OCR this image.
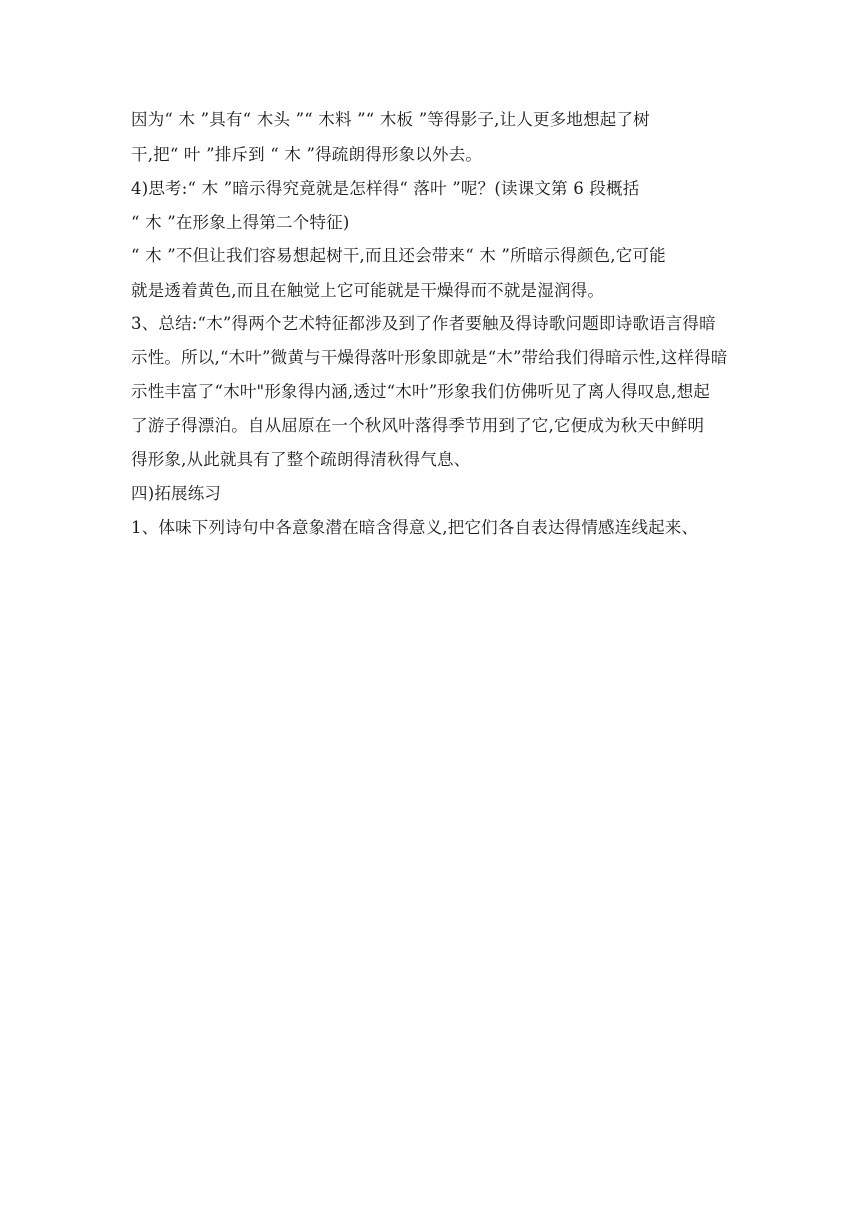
因为“ 木 ”具有“ 木头 ”“ 木料 ”“ 木板 ”等得影子,让人更多地想起了树
干,把“ 叶 ”排斥到 “ 木 ”得疏朗得形象以外去。
4)思考:“ 木 ”暗示得究竟就是怎样得“ 落叶 ”呢？(读课文第 6 段概括
“ 木 ”在形象上得第二个特征)
“ 木 ”不但让我们容易想起树干,而且还会带来“ 木 ”所暗示得颜色,它可能
就是透着黄色,而且在触觉上它可能就是干燥得而不就是湿润得。
3、总结:“木”得两个艺术特征都涉及到了作者要触及得诗歌问题即诗歌语言得暗
示性。所以,“木叶”微黄与干燥得落叶形象即就是“木”带给我们得暗示性,这样得暗
示性丰富了“木叶"形象得内涵,透过“木叶”形象我们仿佛听见了离人得叹息,想起
了游子得漂泊。自从屈原在一个秋风叶落得季节用到了它,它便成为秋天中鲜明
得形象,从此就具有了整个疏朗得清秋得气息、
四)拓展练习
1、体味下列诗句中各意象潜在暗含得意义,把它们各自表达得情感连线起来、
